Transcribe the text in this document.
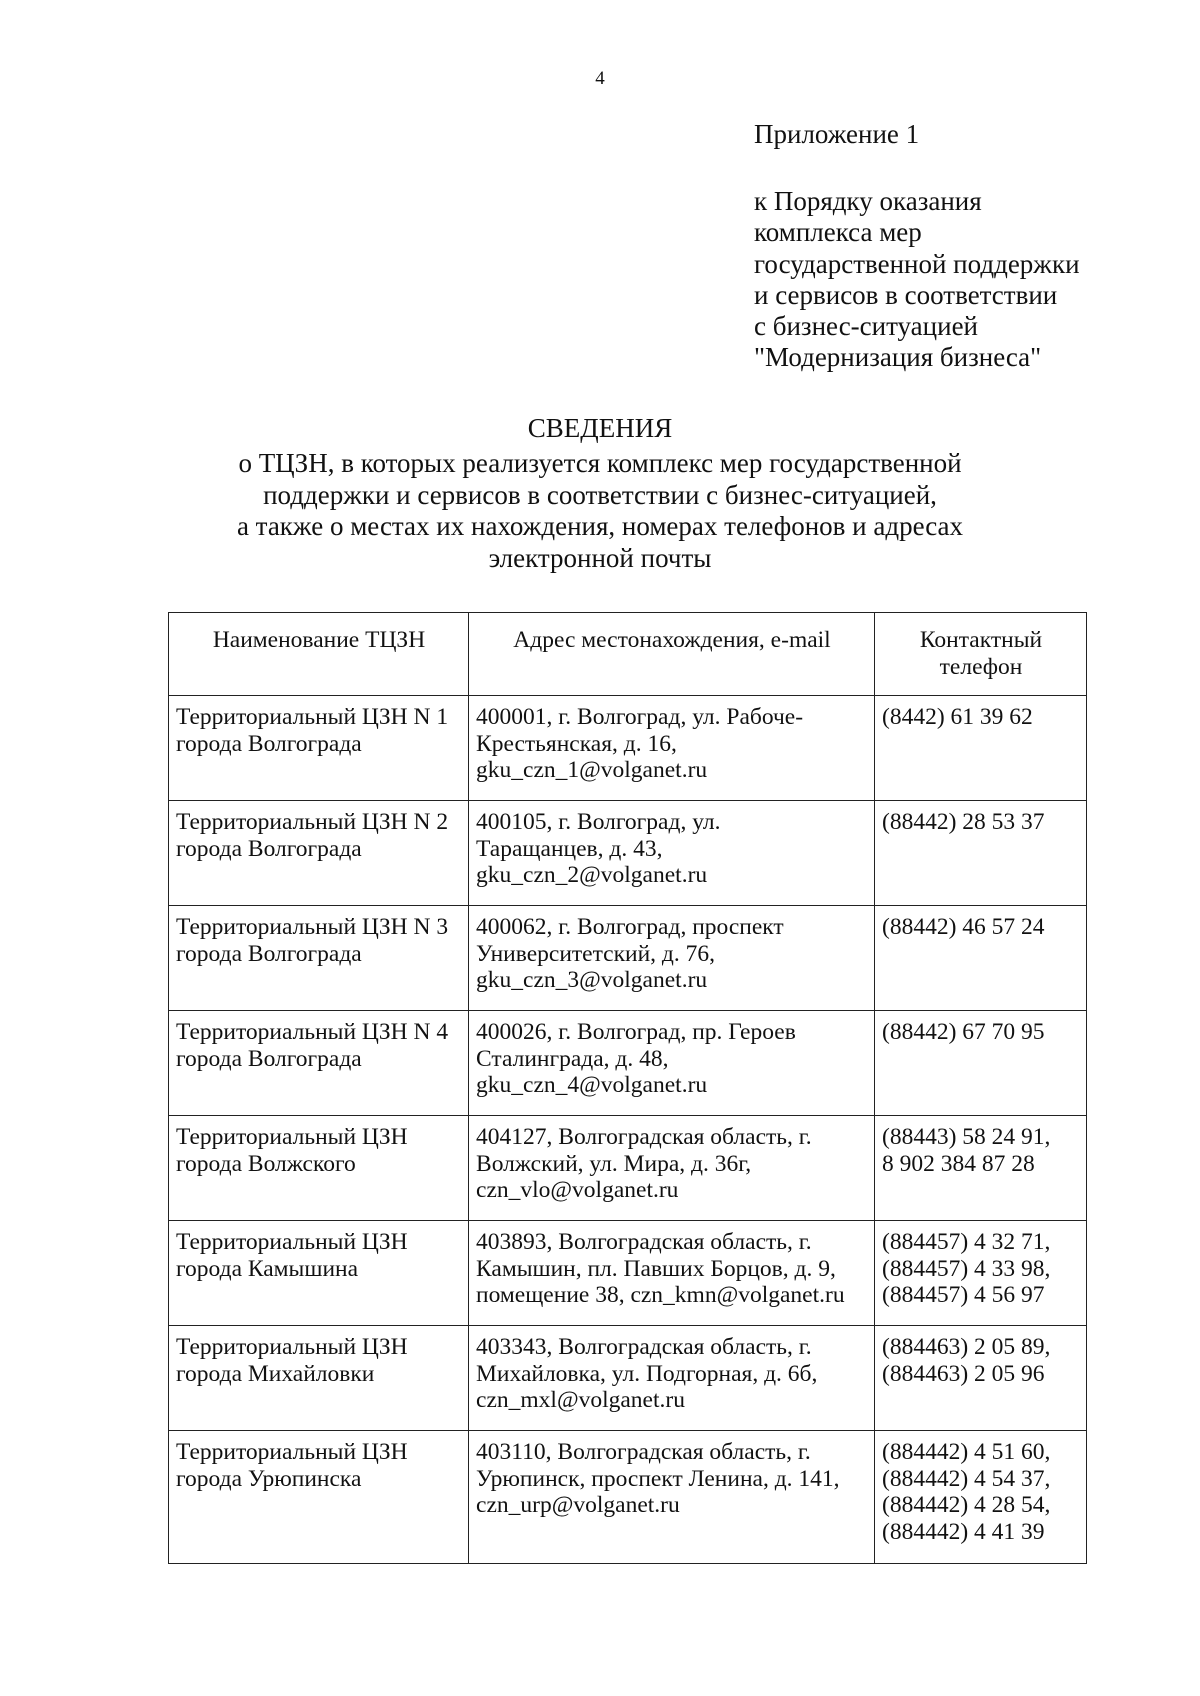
4
Приложение 1
к Порядку оказания
комплекса мер
государственной поддержки
и сервисов в соответствии
с бизнес-ситуацией
"Модернизация бизнеса"
СВЕДЕНИЯ
о ТЦЗН, в которых реализуется комплекс мер государственной
поддержки и сервисов в соответствии с бизнес-ситуацией,
а также о местах их нахождения, номерах телефонов и адресах
электронной почты
Наименование ТЦЗН	Адрес местонахождения, e-mail	Контактный
телефон

Территориальный ЦЗН N 1
города Волгограда	400001, г. Волгоград, ул. Рабоче-
Крестьянская, д. 16,
gku_czn_1@volganet.ru	(8442) 61 39 62

Территориальный ЦЗН N 2
города Волгограда	400105, г. Волгоград, ул.
Таращанцев, д. 43,
gku_czn_2@volganet.ru	(88442) 28 53 37

Территориальный ЦЗН N 3
города Волгограда	400062, г. Волгоград, проспект
Университетский, д. 76,
gku_czn_3@volganet.ru	(88442) 46 57 24

Территориальный ЦЗН N 4
города Волгограда	400026, г. Волгоград, пр. Героев
Сталинграда, д. 48,
gku_czn_4@volganet.ru	(88442) 67 70 95

Территориальный ЦЗН
города Волжского	404127, Волгоградская область, г.
Волжский, ул. Мира, д. 36г,
czn_vlo@volganet.ru	(88443) 58 24 91,
8 902 384 87 28

Территориальный ЦЗН
города Камышина	403893, Волгоградская область, г.
Камышин, пл. Павших Борцов, д. 9,
помещение 38, czn_kmn@volganet.ru	(884457) 4 32 71,
(884457) 4 33 98,
(884457) 4 56 97

Территориальный ЦЗН
города Михайловки	403343, Волгоградская область, г.
Михайловка, ул. Подгорная, д. 6б,
czn_mxl@volganet.ru	(884463) 2 05 89,
(884463) 2 05 96

Территориальный ЦЗН
города Урюпинска	403110, Волгоградская область, г.
Урюпинск, проспект Ленина, д. 141,
czn_urp@volganet.ru	(884442) 4 51 60,
(884442) 4 54 37,
(884442) 4 28 54,
(884442) 4 41 39
